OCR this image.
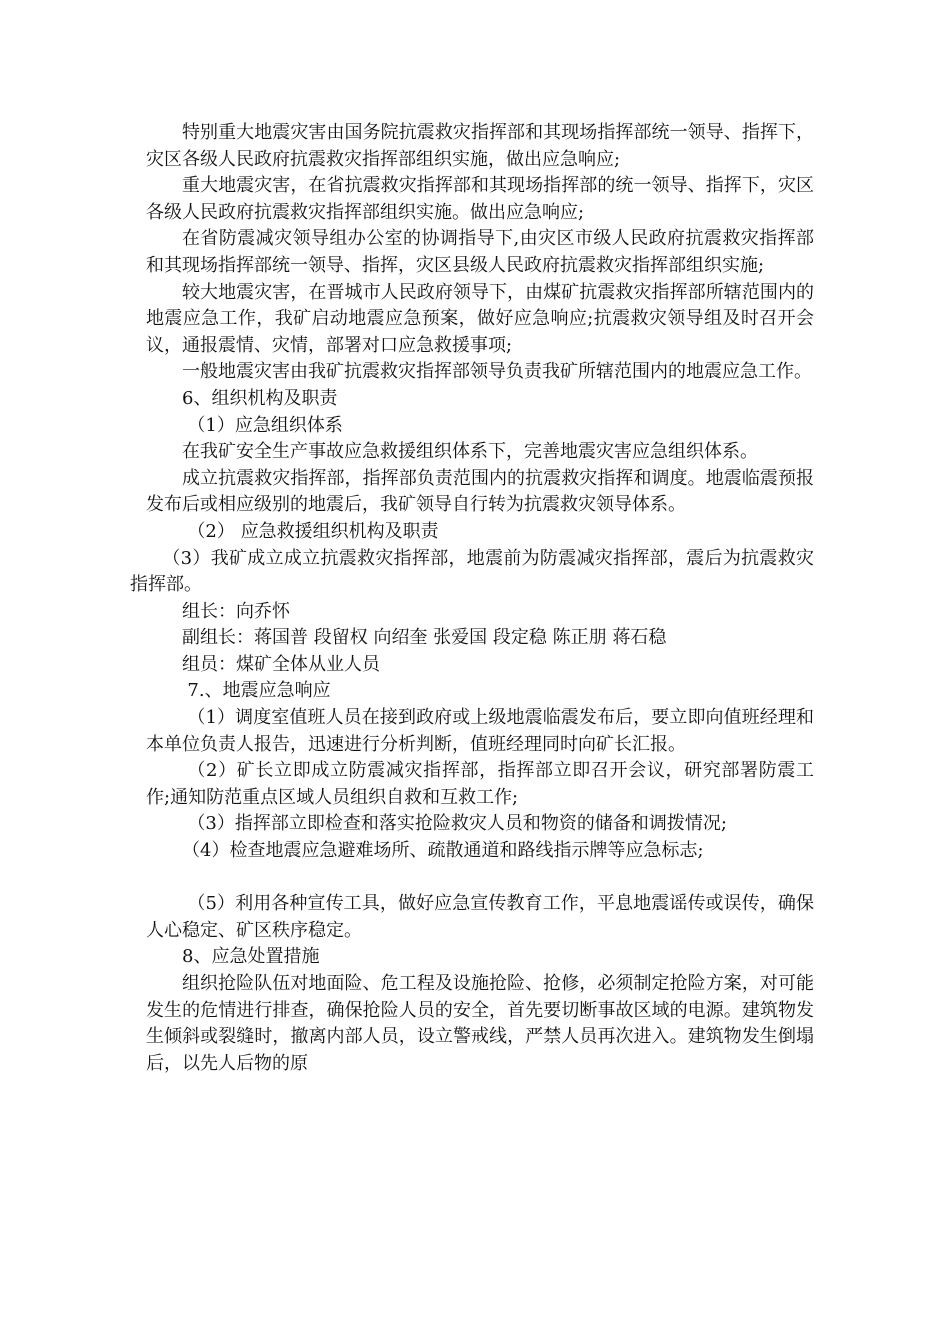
特别重大地震灾害由国务院抗震救灾指挥部和其现场指挥部统一领导、指挥下，灾区各级人民政府抗震救灾指挥部组织实施，做出应急响应;

重大地震灾害，在省抗震救灾指挥部和其现场指挥部的统一领导、指挥下，灾区各级人民政府抗震救灾指挥部组织实施。做出应急响应;

在省防震减灾领导组办公室的协调指导下,由灾区市级人民政府抗震救灾指挥部和其现场指挥部统一领导、指挥，灾区县级人民政府抗震救灾指挥部组织实施;

较大地震灾害，在晋城市人民政府领导下，由煤矿抗震救灾指挥部所辖范围内的地震应急工作，我矿启动地震应急预案，做好应急响应;抗震救灾领导组及时召开会议，通报震情、灾情，部署对口应急救援事项;

一般地震灾害由我矿抗震救灾指挥部领导负责我矿所辖范围内的地震应急工作。

6、组织机构及职责

（1）应急组织体系

在我矿安全生产事故应急救援组织体系下，完善地震灾害应急组织体系。

成立抗震救灾指挥部，指挥部负责范围内的抗震救灾指挥和调度。地震临震预报发布后或相应级别的地震后，我矿领导自行转为抗震救灾领导体系。

（2） 应急救援组织机构及职责

（3）我矿成立成立抗震救灾指挥部，地震前为防震减灾指挥部，震后为抗震救灾指挥部。

组长：向乔怀

副组长：蒋国普 段留权 向绍奎 张爱国 段定稳 陈正朋 蒋石稳

组员：煤矿全体从业人员

7.、地震应急响应

（1）调度室值班人员在接到政府或上级地震临震发布后，要立即向值班经理和本单位负责人报告，迅速进行分析判断，值班经理同时向矿长汇报。

（2）矿长立即成立防震减灾指挥部，指挥部立即召开会议，研究部署防震工作;通知防范重点区域人员组织自救和互救工作;

（3）指挥部立即检查和落实抢险救灾人员和物资的储备和调拨情况;

（4）检查地震应急避难场所、疏散通道和路线指示牌等应急标志;

（5）利用各种宣传工具，做好应急宣传教育工作，平息地震谣传或误传，确保人心稳定、矿区秩序稳定。

8、应急处置措施

组织抢险队伍对地面险、危工程及设施抢险、抢修，必须制定抢险方案，对可能发生的危情进行排查，确保抢险人员的安全，首先要切断事故区域的电源。建筑物发生倾斜或裂缝时，撤离内部人员，设立警戒线，严禁人员再次进入。建筑物发生倒塌后，以先人后物的原
